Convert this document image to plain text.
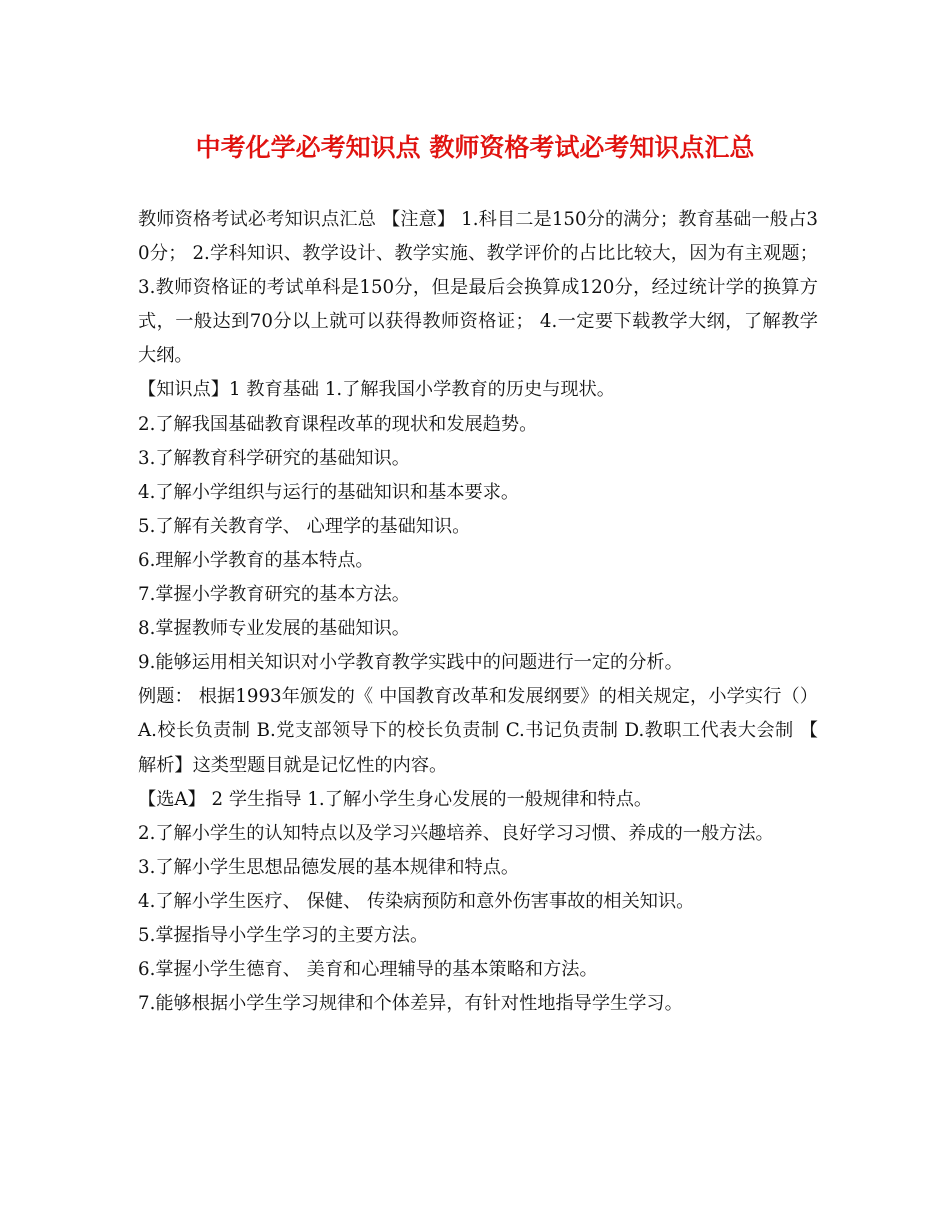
中考化学必考知识点 教师资格考试必考知识点汇总

教师资格考试必考知识点汇总 【注意】 1.科目二是150分的满分；教育基础一般占30分； 2.学科知识、教学设计、教学实施、教学评价的占比比较大，因为有主观题； 3.教师资格证的考试单科是150分，但是最后会换算成120分，经过统计学的换算方式，一般达到70分以上就可以获得教师资格证； 4.一定要下载教学大纲，了解教学大纲。

【知识点】1 教育基础 1.了解我国小学教育的历史与现状。

2.了解我国基础教育课程改革的现状和发展趋势。

3.了解教育科学研究的基础知识。

4.了解小学组织与运行的基础知识和基本要求。

5.了解有关教育学、 心理学的基础知识。

6.理解小学教育的基本特点。

7.掌握小学教育研究的基本方法。

8.掌握教师专业发展的基础知识。

9.能够运用相关知识对小学教育教学实践中的问题进行一定的分析。

例题： 根据1993年颁发的《 中国教育改革和发展纲要》的相关规定，小学实行（） A.校长负责制 B.党支部领导下的校长负责制 C.书记负责制 D.教职工代表大会制 【解析】这类型题目就是记忆性的内容。

【选A】 2 学生指导 1.了解小学生身心发展的一般规律和特点。

2.了解小学生的认知特点以及学习兴趣培养、良好学习习惯、养成的一般方法。

3.了解小学生思想品德发展的基本规律和特点。

4.了解小学生医疗、 保健、 传染病预防和意外伤害事故的相关知识。

5.掌握指导小学生学习的主要方法。

6.掌握小学生德育、 美育和心理辅导的基本策略和方法。

7.能够根据小学生学习规律和个体差异，有针对性地指导学生学习。
